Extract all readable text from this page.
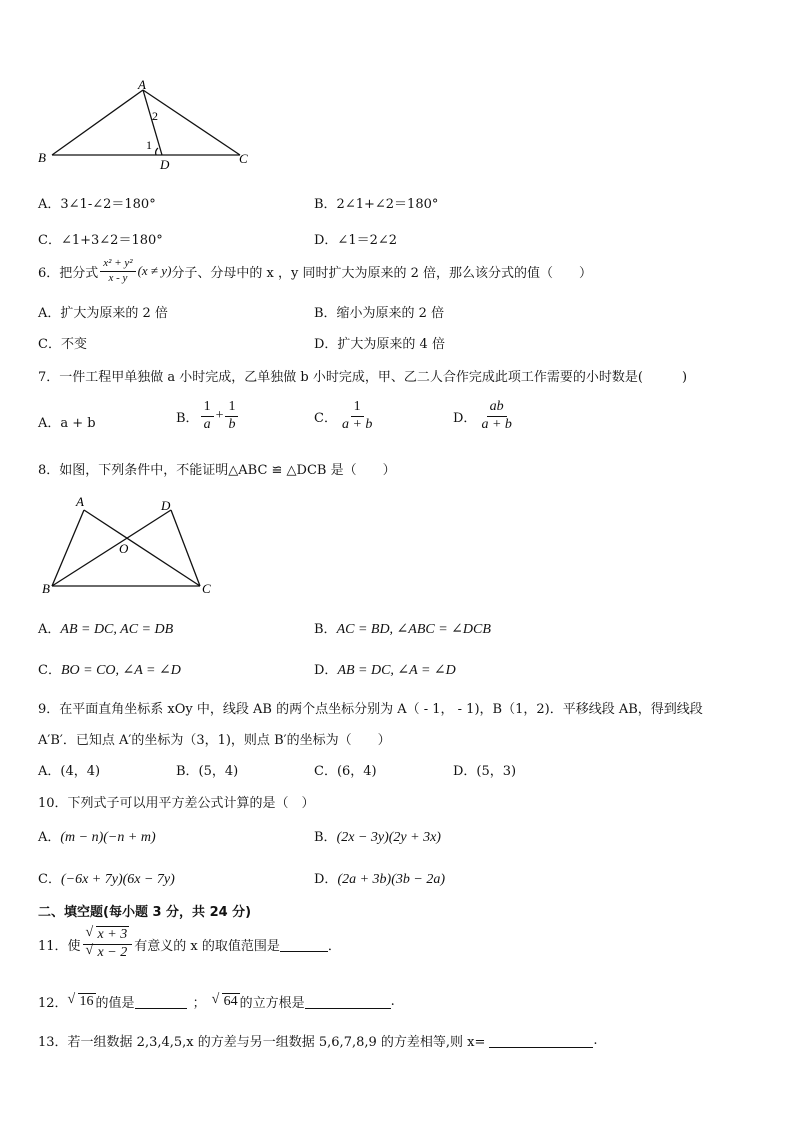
A
B	C
D
1
2
A．3∠1-∠2＝180°	B．2∠1+∠2＝180°
C．∠1+3∠2＝180°	D．∠1＝2∠2
6．把分式 $\frac{\text{x² + y²}}{x - y} (x \ne y)$ 分子、分母中的 x ，y 同时扩大为原来的 2 倍，那么该分式的值（　　）
A．扩大为原来的 2 倍	B．缩小为原来的 2 倍
C．不变	D．扩大为原来的 4 倍
7．一件工程甲单独做 a 小时完成，乙单独做 b 小时完成，甲、乙二人合作完成此项工作需要的小时数是(　　　)
A．a + b	B． $\frac{1}{a} + \frac{1}{b}$	C． $\frac{1}{a + b}$	D． $\frac{ab}{a + b}$
8．如图，下列条件中，不能证明△ABC ≌ △DCB 是（　　）
A	D
O
B	C
A．AB = DC, AC = DB	B．AC = BD, ∠ABC = ∠DCB
C．BO = CO, ∠A = ∠D	D．AB = DC, ∠A = ∠D
9．在平面直角坐标系 xOy 中，线段 AB 的两个点坐标分别为 A（ - 1， - 1)，B（1，2)．平移线段 AB，得到线段
A′B′．已知点 A′的坐标为（3，1)，则点 B′的坐标为（　　）
A．(4，4)	B．(5，4)	C．(6，4)	D．(5，3)
10．下列式子可以用平方差公式计算的是（　）
A．(m − n)(−n + m)	B．(2x − 3y)(2y + 3x)
C．(−6x + 7y)(6x − 7y)	D．(2a + 3b)(3b − 2a)
二、填空题(每小题 3 分，共 24 分)
11．使 √ x + 3
√ x − 2 有意义的 x 的取值范围是	．
12． √ 16 的值是	；	√ 64 的立方根是	.
13．若一组数据 2,3,4,5,x 的方差与另一组数据 5,6,7,8,9 的方差相等,则 x=	.
